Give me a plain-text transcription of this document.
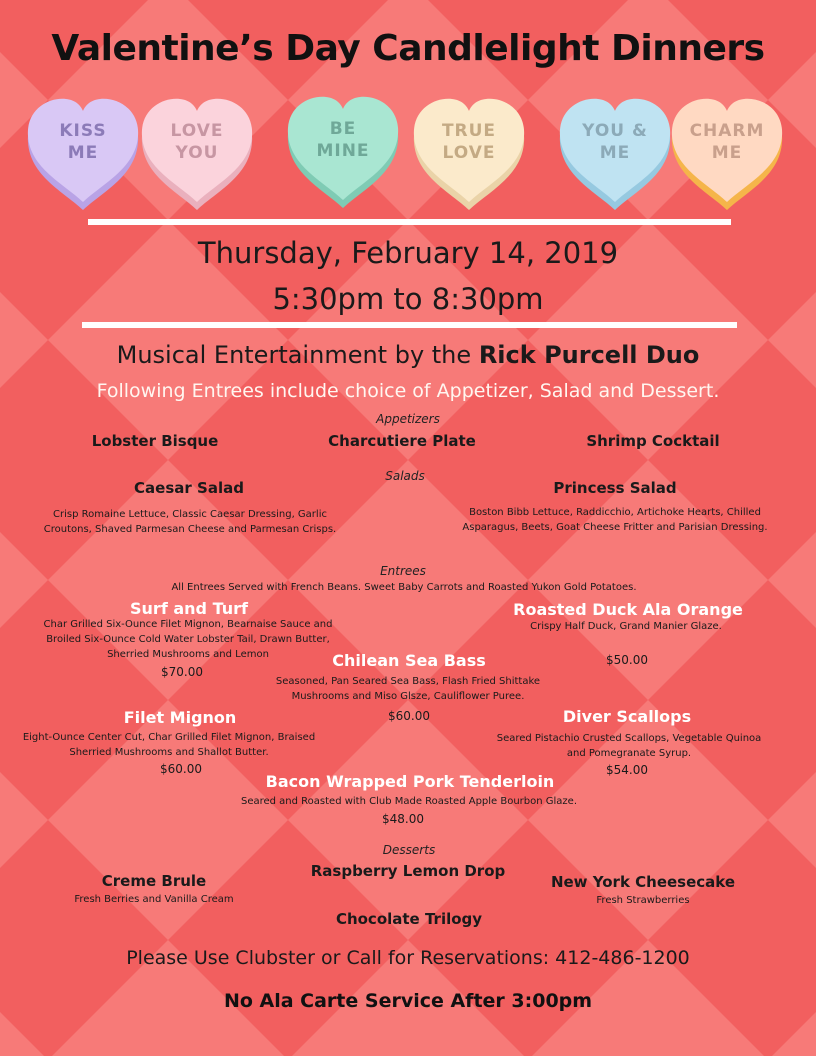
Valentine’s Day Candlelight Dinners
KISS
ME
LOVE
YOU
BE
MINE
TRUE
LOVE
YOU &
ME
CHARM
ME
Thursday, February 14, 2019
5:30pm to 8:30pm
Musical Entertainment by the Rick Purcell Duo
Following Entrees include choice of Appetizer, Salad and Dessert.
Appetizers
Lobster Bisque	Charcutiere Plate	Shrimp Cocktail
Salads
Caesar Salad
Crisp Romaine Lettuce, Classic Caesar Dressing, Garlic
Croutons, Shaved Parmesan Cheese and Parmesan Crisps.
Princess Salad
Boston Bibb Lettuce, Raddicchio, Artichoke Hearts, Chilled
Asparagus, Beets, Goat Cheese Fritter and Parisian Dressing.
Entrees
All Entrees Served with French Beans. Sweet Baby Carrots and Roasted Yukon Gold Potatoes.
Surf and Turf
Char Grilled Six-Ounce Filet Mignon, Bearnaise Sauce and
Broiled Six-Ounce Cold Water Lobster Tail, Drawn Butter,
Sherried Mushrooms and Lemon
$70.00
Roasted Duck Ala Orange
Crispy Half Duck, Grand Manier Glaze.
$50.00
Chilean Sea Bass
Seasoned, Pan Seared Sea Bass, Flash Fried Shittake
Mushrooms and Miso Glsze, Cauliflower Puree.
$60.00
Filet Mignon
Eight-Ounce Center Cut, Char Grilled Filet Mignon, Braised
Sherried Mushrooms and Shallot Butter.
$60.00
Diver Scallops
Seared Pistachio Crusted Scallops, Vegetable Quinoa
and Pomegranate Syrup.
$54.00
Bacon Wrapped Pork Tenderloin
Seared and Roasted with Club Made Roasted Apple Bourbon Glaze.
$48.00
Desserts
Creme Brule
Fresh Berries and Vanilla Cream
Raspberry Lemon Drop
New York Cheesecake
Fresh Strawberries
Chocolate Trilogy
Please Use Clubster or Call for Reservations: 412-486-1200
No Ala Carte Service After 3:00pm
